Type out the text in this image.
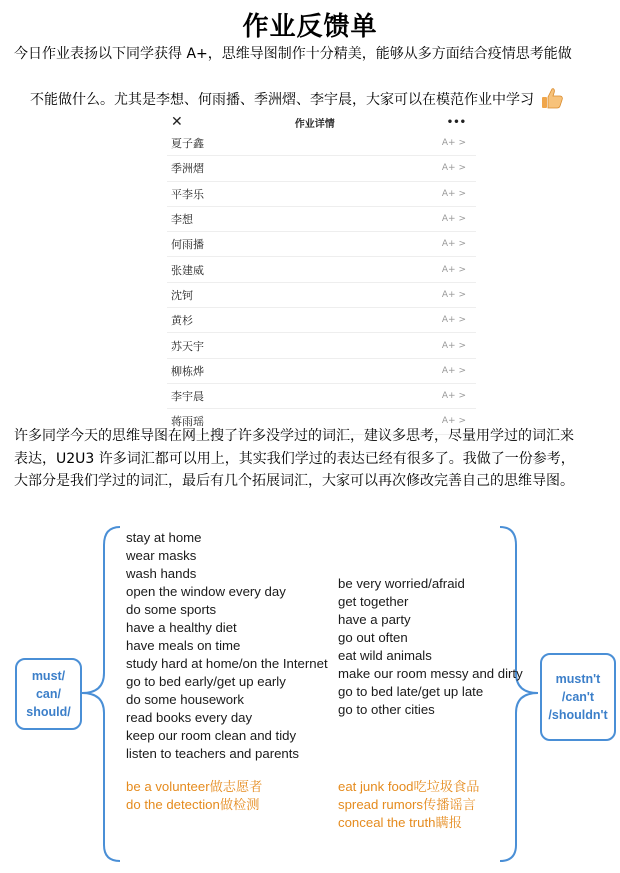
作业反馈单
今日作业表扬以下同学获得 A+，思维导图制作十分精美，能够从多方面结合疫情思考能做
不能做什么。尤其是李想、何雨播、季洲熠、李宇晨，大家可以在模范作业中学习
✕	作业详情	•••
夏子鑫	A+ >
季洲熠	A+ >
平李乐	A+ >
李想	A+ >
何雨播	A+ >
张建威	A+ >
沈钶	A+ >
黄杉	A+ >
苏天宇	A+ >
柳栋烨	A+ >
李宇晨	A+ >
蒋雨瑶	A+ >
许多同学今天的思维导图在网上搜了许多没学过的词汇，建议多思考，尽量用学过的词汇来
表达，U2U3 许多词汇都可以用上，其实我们学过的表达已经有很多了。我做了一份参考，
大部分是我们学过的词汇，最后有几个拓展词汇，大家可以再次修改完善自己的思维导图。
must/
can/
should/
mustn't
/can't
/shouldn't
stay at home
wear masks
wash hands
open the window every day
do some sports
have a healthy diet
have meals on time
study hard at home/on the Internet
go to bed early/get up early
do some housework
read books every day
keep our room clean and tidy
listen to teachers and parents
be very worried/afraid
get together
have a party
go out often
eat wild animals
make our room messy and dirty
go to bed late/get up late
go to other cities
be a volunteer做志愿者
do the detection做检测
eat junk food吃垃圾食品
spread rumors传播谣言
conceal the truth瞒报
